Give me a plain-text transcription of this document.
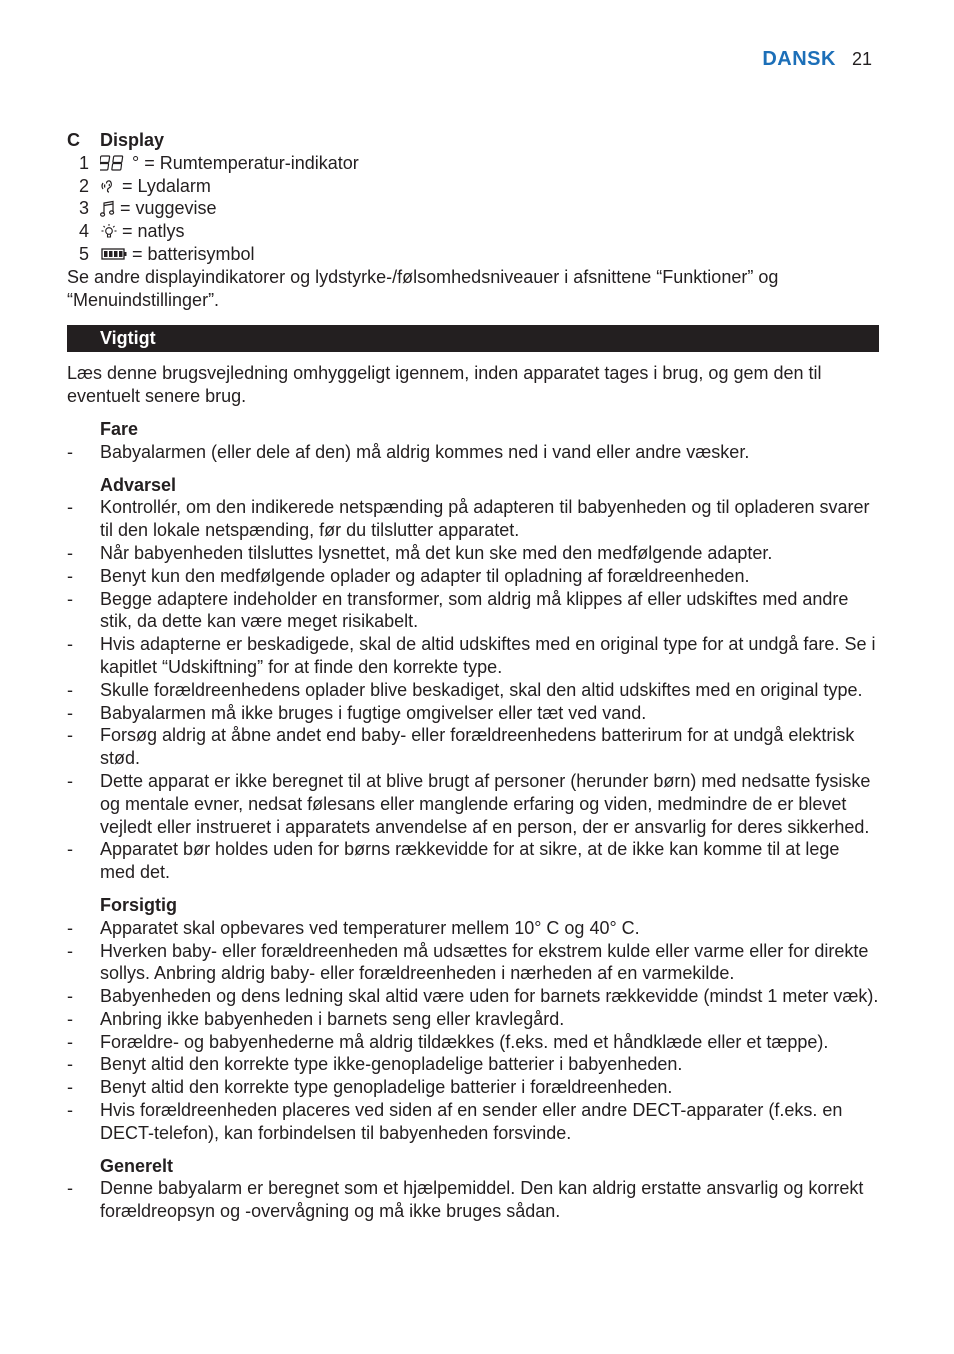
DANSK 21
C	Display
1 ° = Rumtemperatur-indikator
2 = Lydalarm
3 = vuggevise
4 = natlys
5 = batterisymbol

Se andre displayindikatorer og lydstyrke-/følsomhedsniveauer i afsnittene “Funktioner” og “Menuindstillinger”.

Vigtigt

Læs denne brugsvejledning omhyggeligt igennem, inden apparatet tages i brug, og gem den til eventuelt senere brug.

Fare
-	Babyalarmen (eller dele af den) må aldrig kommes ned i vand eller andre væsker.
Advarsel
-	Kontrollér, om den indikerede netspænding på adapteren til babyenheden og til opladeren svarer til den lokale netspænding, før du tilslutter apparatet.
-	Når babyenheden tilsluttes lysnettet, må det kun ske med den medfølgende adapter.
-	Benyt kun den medfølgende oplader og adapter til opladning af forældreenheden.
-	Begge adaptere indeholder en transformer, som aldrig må klippes af eller udskiftes med andre stik, da dette kan være meget risikabelt.
-	Hvis adapterne er beskadigede, skal de altid udskiftes med en original type for at undgå fare. Se i kapitlet “Udskiftning” for at finde den korrekte type.
-	Skulle forældreenhedens oplader blive beskadiget, skal den altid udskiftes med en original type.
-	Babyalarmen må ikke bruges i fugtige omgivelser eller tæt ved vand.
-	Forsøg aldrig at åbne andet end baby- eller forældreenhedens batterirum for at undgå elektrisk stød.
-	Dette apparat er ikke beregnet til at blive brugt af personer (herunder børn) med nedsatte fysiske og mentale evner, nedsat følesans eller manglende erfaring og viden, medmindre de er blevet vejledt eller instrueret i apparatets anvendelse af en person, der er ansvarlig for deres sikkerhed.
-	Apparatet bør holdes uden for børns rækkevidde for at sikre, at de ikke kan komme til at lege med det.
Forsigtig
-	Apparatet skal opbevares ved temperaturer mellem 10° C og 40° C.
-	Hverken baby- eller forældreenheden må udsættes for ekstrem kulde eller varme eller for direkte sollys. Anbring aldrig baby- eller forældreenheden i nærheden af en varmekilde.
-	Babyenheden og dens ledning skal altid være uden for barnets rækkevidde (mindst 1 meter væk).
-	Anbring ikke babyenheden i barnets seng eller kravlegård.
-	Forældre- og babyenhederne må aldrig tildækkes (f.eks. med et håndklæde eller et tæppe).
-	Benyt altid den korrekte type ikke-genopladelige batterier i babyenheden.
-	Benyt altid den korrekte type genopladelige batterier i forældreenheden.
-	Hvis forældreenheden placeres ved siden af en sender eller andre DECT-apparater (f.eks. en DECT-telefon), kan forbindelsen til babyenheden forsvinde.
Generelt
-	Denne babyalarm er beregnet som et hjælpemiddel. Den kan aldrig erstatte ansvarlig og korrekt forældreopsyn og -overvågning og må ikke bruges sådan.
